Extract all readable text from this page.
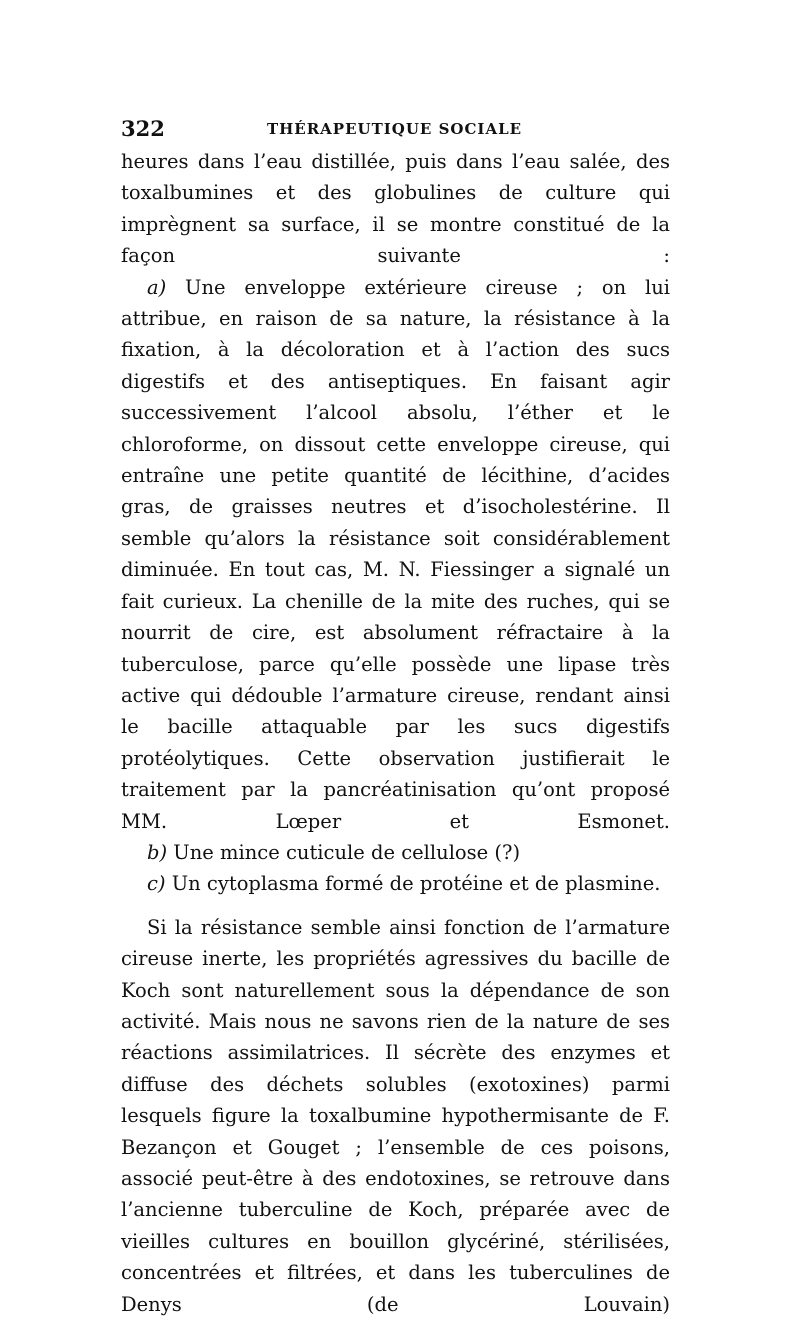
322	THÉRAPEUTIQUE SOCIALE

heures dans l’eau distillée, puis dans l’eau salée, des toxalbumines et des globulines de culture qui imprègnent sa surface, il se montre constitué de la façon suivante :

a) Une enveloppe extérieure cireuse ; on lui attribue, en raison de sa nature, la résistance à la fixation, à la décoloration et à l’action des sucs digestifs et des antiseptiques. En faisant agir successivement l’alcool absolu, l’éther et le chloroforme, on dissout cette enveloppe cireuse, qui entraîne une petite quantité de lécithine, d’acides gras, de graisses neutres et d’isocholestérine. Il semble qu’alors la résistance soit considérablement diminuée. En tout cas, M. N. Fiessinger a signalé un fait curieux. La chenille de la mite des ruches, qui se nourrit de cire, est absolument réfractaire à la tuberculose, parce qu’elle possède une lipase très active qui dédouble l’armature cireuse, rendant ainsi le bacille attaquable par les sucs digestifs protéolytiques. Cette observation justifierait le traitement par la pancréatinisation qu’ont proposé MM. Lœper et Esmonet.

b) Une mince cuticule de cellulose (?)

c) Un cytoplasma formé de protéine et de plasmine.

Si la résistance semble ainsi fonction de l’armature cireuse inerte, les propriétés agressives du bacille de Koch sont naturellement sous la dépendance de son activité. Mais nous ne savons rien de la nature de ses réactions assimilatrices. Il sécrète des enzymes et diffuse des déchets solubles (exotoxines) parmi lesquels figure la toxalbumine hypothermisante de F. Bezançon et Gouget ; l’ensemble de ces poisons, associé peut-être à des endotoxines, se retrouve dans l’ancienne tuberculine de Koch, préparée avec de vieilles cultures en bouillon glycériné, stérilisées, concentrées et filtrées, et dans les tuberculines de Denys (de Louvain)
